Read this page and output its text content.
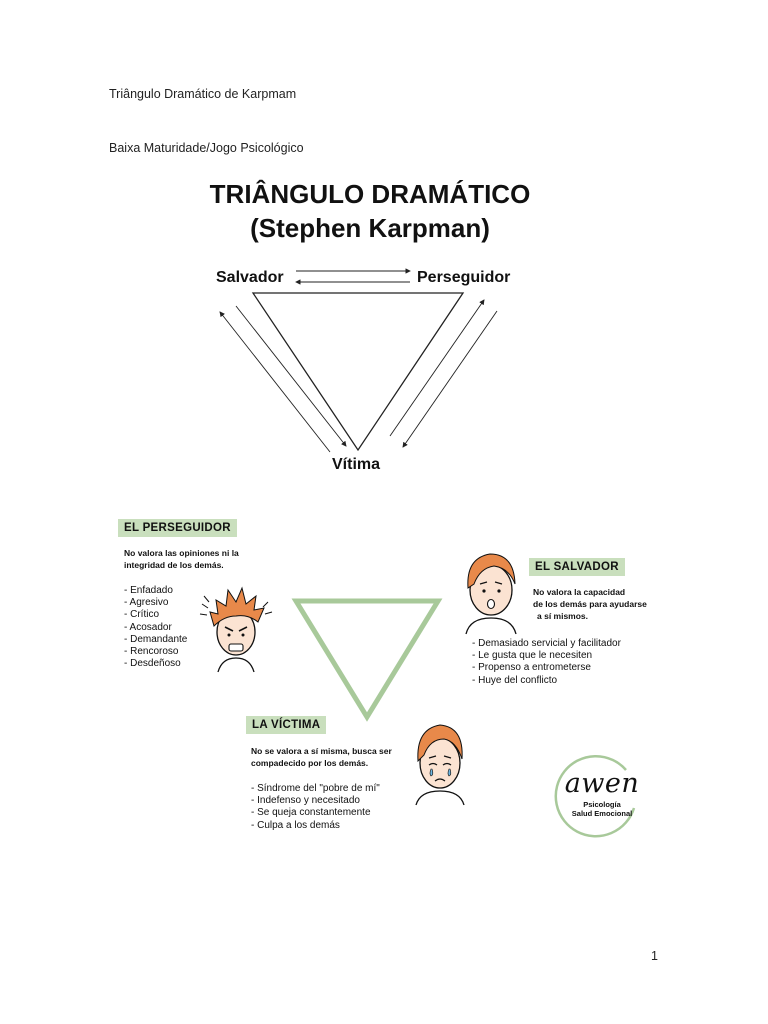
Triângulo Dramático de Karpmam
Baixa Maturidade/Jogo Psicológico
TRIÂNGULO DRAMÁTICO
(Stephen Karpman)
Salvador	Perseguidor
Vítima
EL PERSEGUIDOR
No valora las opiniones ni la
integridad de los demás.
- Enfadado
- Agresivo
- Crítico
- Acosador
- Demandante
- Rencoroso
- Desdeñoso
EL SALVADOR
No valora la capacidad
de los demás para ayudarse
a sí mismos.
- Demasiado servicial y facilitador
- Le gusta que le necesiten
- Propenso a entrometerse
- Huye del conflicto
LA VÍCTIMA
No se valora a sí misma, busca ser
compadecido por los demás.
- Síndrome del "pobre de mí"
- Indefenso y necesitado
- Se queja constantemente
- Culpa a los demás
awen
Psicología
Salud Emocional
1
